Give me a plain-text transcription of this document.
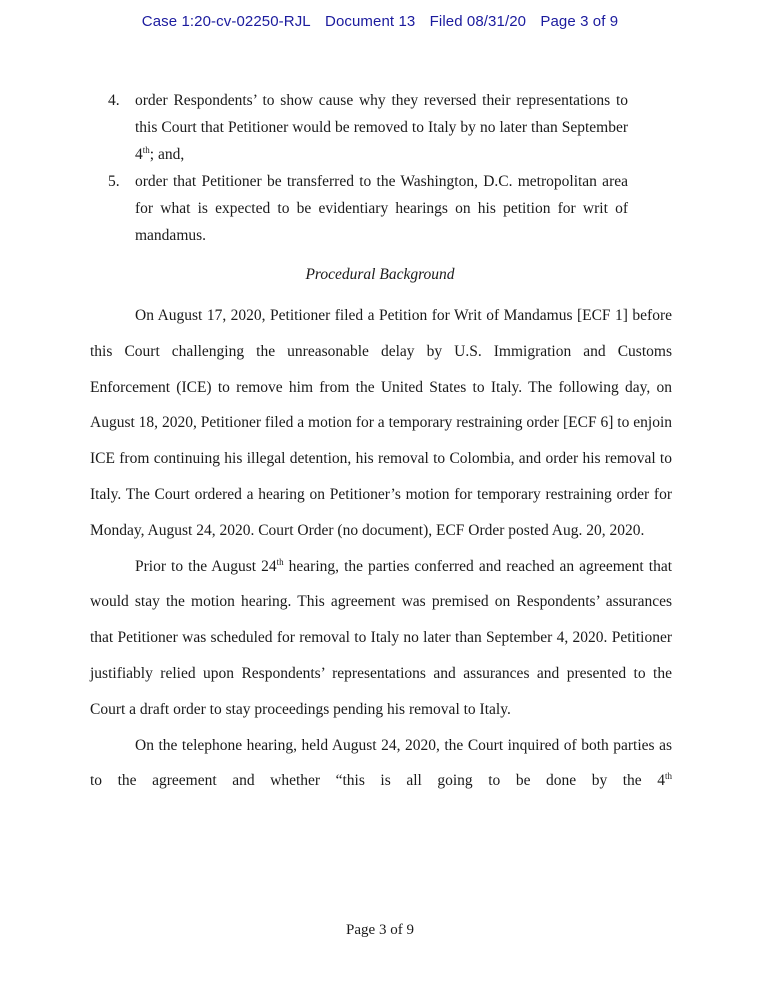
Case 1:20-cv-02250-RJL Document 13 Filed 08/31/20 Page 3 of 9
4. order Respondents’ to show cause why they reversed their representations to this Court that Petitioner would be removed to Italy by no later than September 4th; and,
5. order that Petitioner be transferred to the Washington, D.C. metropolitan area for what is expected to be evidentiary hearings on his petition for writ of mandamus.
Procedural Background

On August 17, 2020, Petitioner filed a Petition for Writ of Mandamus [ECF 1] before this Court challenging the unreasonable delay by U.S. Immigration and Customs Enforcement (ICE) to remove him from the United States to Italy. The following day, on August 18, 2020, Petitioner filed a motion for a temporary restraining order [ECF 6] to enjoin ICE from continuing his illegal detention, his removal to Colombia, and order his removal to Italy. The Court ordered a hearing on Petitioner’s motion for temporary restraining order for Monday, August 24, 2020. Court Order (no document), ECF Order posted Aug. 20, 2020.

Prior to the August 24th hearing, the parties conferred and reached an agreement that would stay the motion hearing. This agreement was premised on Respondents’ assurances that Petitioner was scheduled for removal to Italy no later than September 4, 2020. Petitioner justifiably relied upon Respondents’ representations and assurances and presented to the Court a draft order to stay proceedings pending his removal to Italy.

On the telephone hearing, held August 24, 2020, the Court inquired of both parties as to the agreement and whether “this is all going to be done by the 4th

Page 3 of 9
